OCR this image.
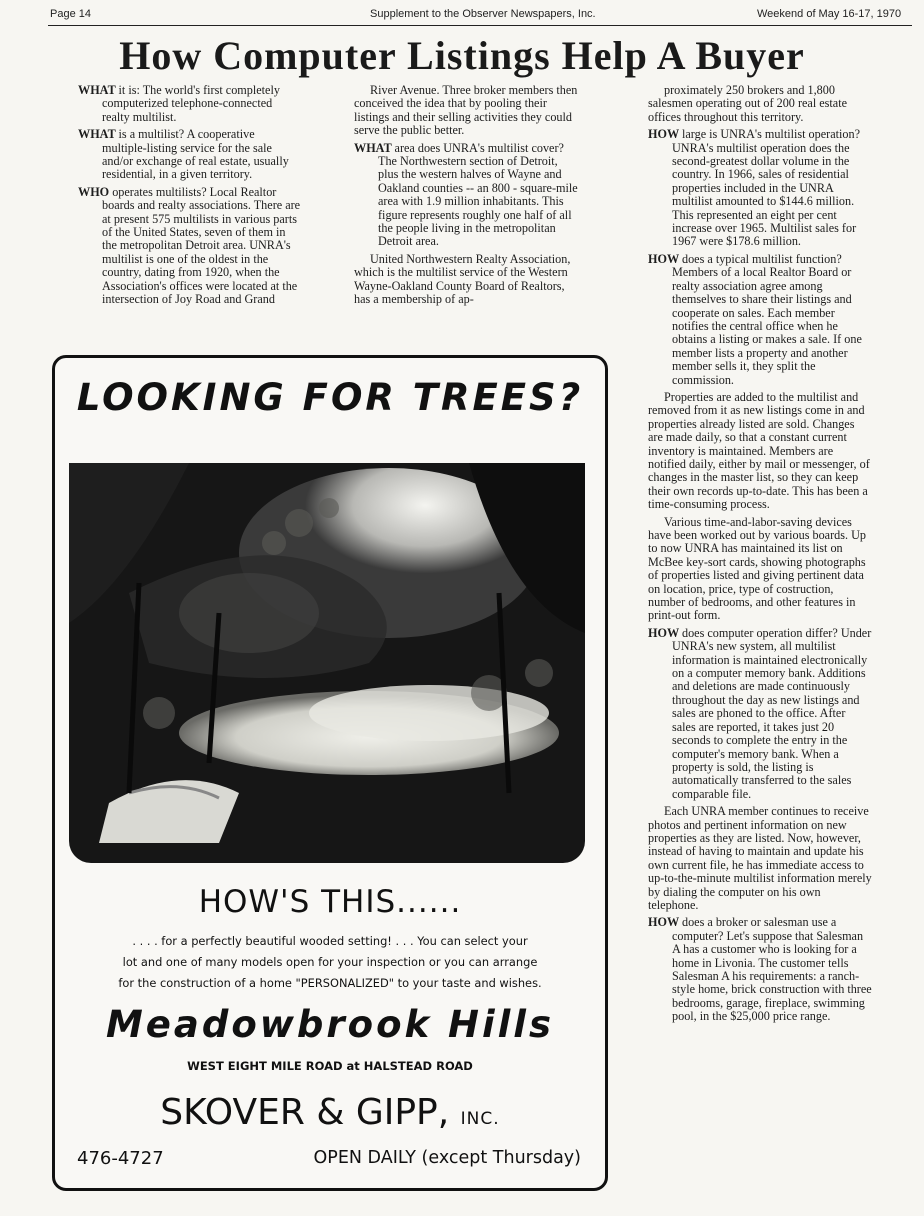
Page 14	Supplement to the Observer Newspapers, Inc.	Weekend of May 16-17, 1970
How Computer Listings Help A Buyer

WHAT it is: The world's first completely computerized telephone-connected realty multilist.

WHAT is a multilist? A cooperative multiple-listing service for the sale and/or exchange of real estate, usually residential, in a given territory.

WHO operates multilists? Local Realtor boards and realty associations. There are at present 575 multilists in various parts of the United States, seven of them in the metropolitan Detroit area. UNRA's multilist is one of the oldest in the country, dating from 1920, when the Association's offices were located at the intersection of Joy Road and Grand

River Avenue. Three broker members then conceived the idea that by pooling their listings and their selling activities they could serve the public better.

WHAT area does UNRA's multilist cover? The Northwestern section of Detroit, plus the western halves of Wayne and Oakland counties -- an 800 - square-mile area with 1.9 million inhabitants. This figure represents roughly one half of all the people living in the metropolitan Detroit area.

United Northwestern Realty Association, which is the multilist service of the Western Wayne-Oakland County Board of Realtors, has a membership of ap-

proximately 250 brokers and 1,800 salesmen operating out of 200 real estate offices throughout this territory.

HOW large is UNRA's multilist operation? UNRA's multilist operation does the second-greatest dollar volume in the country. In 1966, sales of residential properties included in the UNRA multilist amounted to $144.6 million. This represented an eight per cent increase over 1965. Multilist sales for 1967 were $178.6 million.

HOW does a typical multilist function? Members of a local Realtor Board or realty association agree among themselves to share their listings and cooperate on sales. Each member notifies the central office when he obtains a listing or makes a sale. If one member lists a property and another member sells it, they split the commission.

Properties are added to the multilist and removed from it as new listings come in and properties already listed are sold. Changes are made daily, so that a constant current inventory is maintained. Members are notified daily, either by mail or messenger, of changes in the master list, so they can keep their own records up-to-date. This has been a time-consuming process.

Various time-and-labor-saving devices have been worked out by various boards. Up to now UNRA has maintained its list on McBee key-sort cards, showing photographs of properties listed and giving pertinent data on location, price, type of costruction, number of bedrooms, and other features in print-out form.

HOW does computer operation differ? Under UNRA's new system, all multilist information is maintained electronically on a computer memory bank. Additions and deletions are made continuously throughout the day as new listings and sales are phoned to the office. After sales are reported, it takes just 20 seconds to complete the entry in the computer's memory bank. When a property is sold, the listing is automatically transferred to the sales comparable file.

Each UNRA member continues to receive photos and pertinent information on new properties as they are listed. Now, however, instead of having to maintain and update his own current file, he has immediate access to up-to-the-minute multilist information merely by dialing the computer on his own telephone.

HOW does a broker or salesman use a computer? Let's suppose that Salesman A has a customer who is looking for a home in Livonia. The customer tells Salesman A his requirements: a ranch-style home, brick construction with three bedrooms, garage, fireplace, swimming pool, in the $25,000 price range.

LOOKING FOR TREES?
HOW'S THIS......
. . . . for a perfectly beautiful wooded setting! . . . You can select your
lot and one of many models open for your inspection or you can arrange
for the construction of a home "PERSONALIZED" to your taste and wishes.
Meadowbrook Hills
WEST EIGHT MILE ROAD at HALSTEAD ROAD
SKOVER & GIPP, INC.
476-4727	OPEN DAILY (except Thursday)
